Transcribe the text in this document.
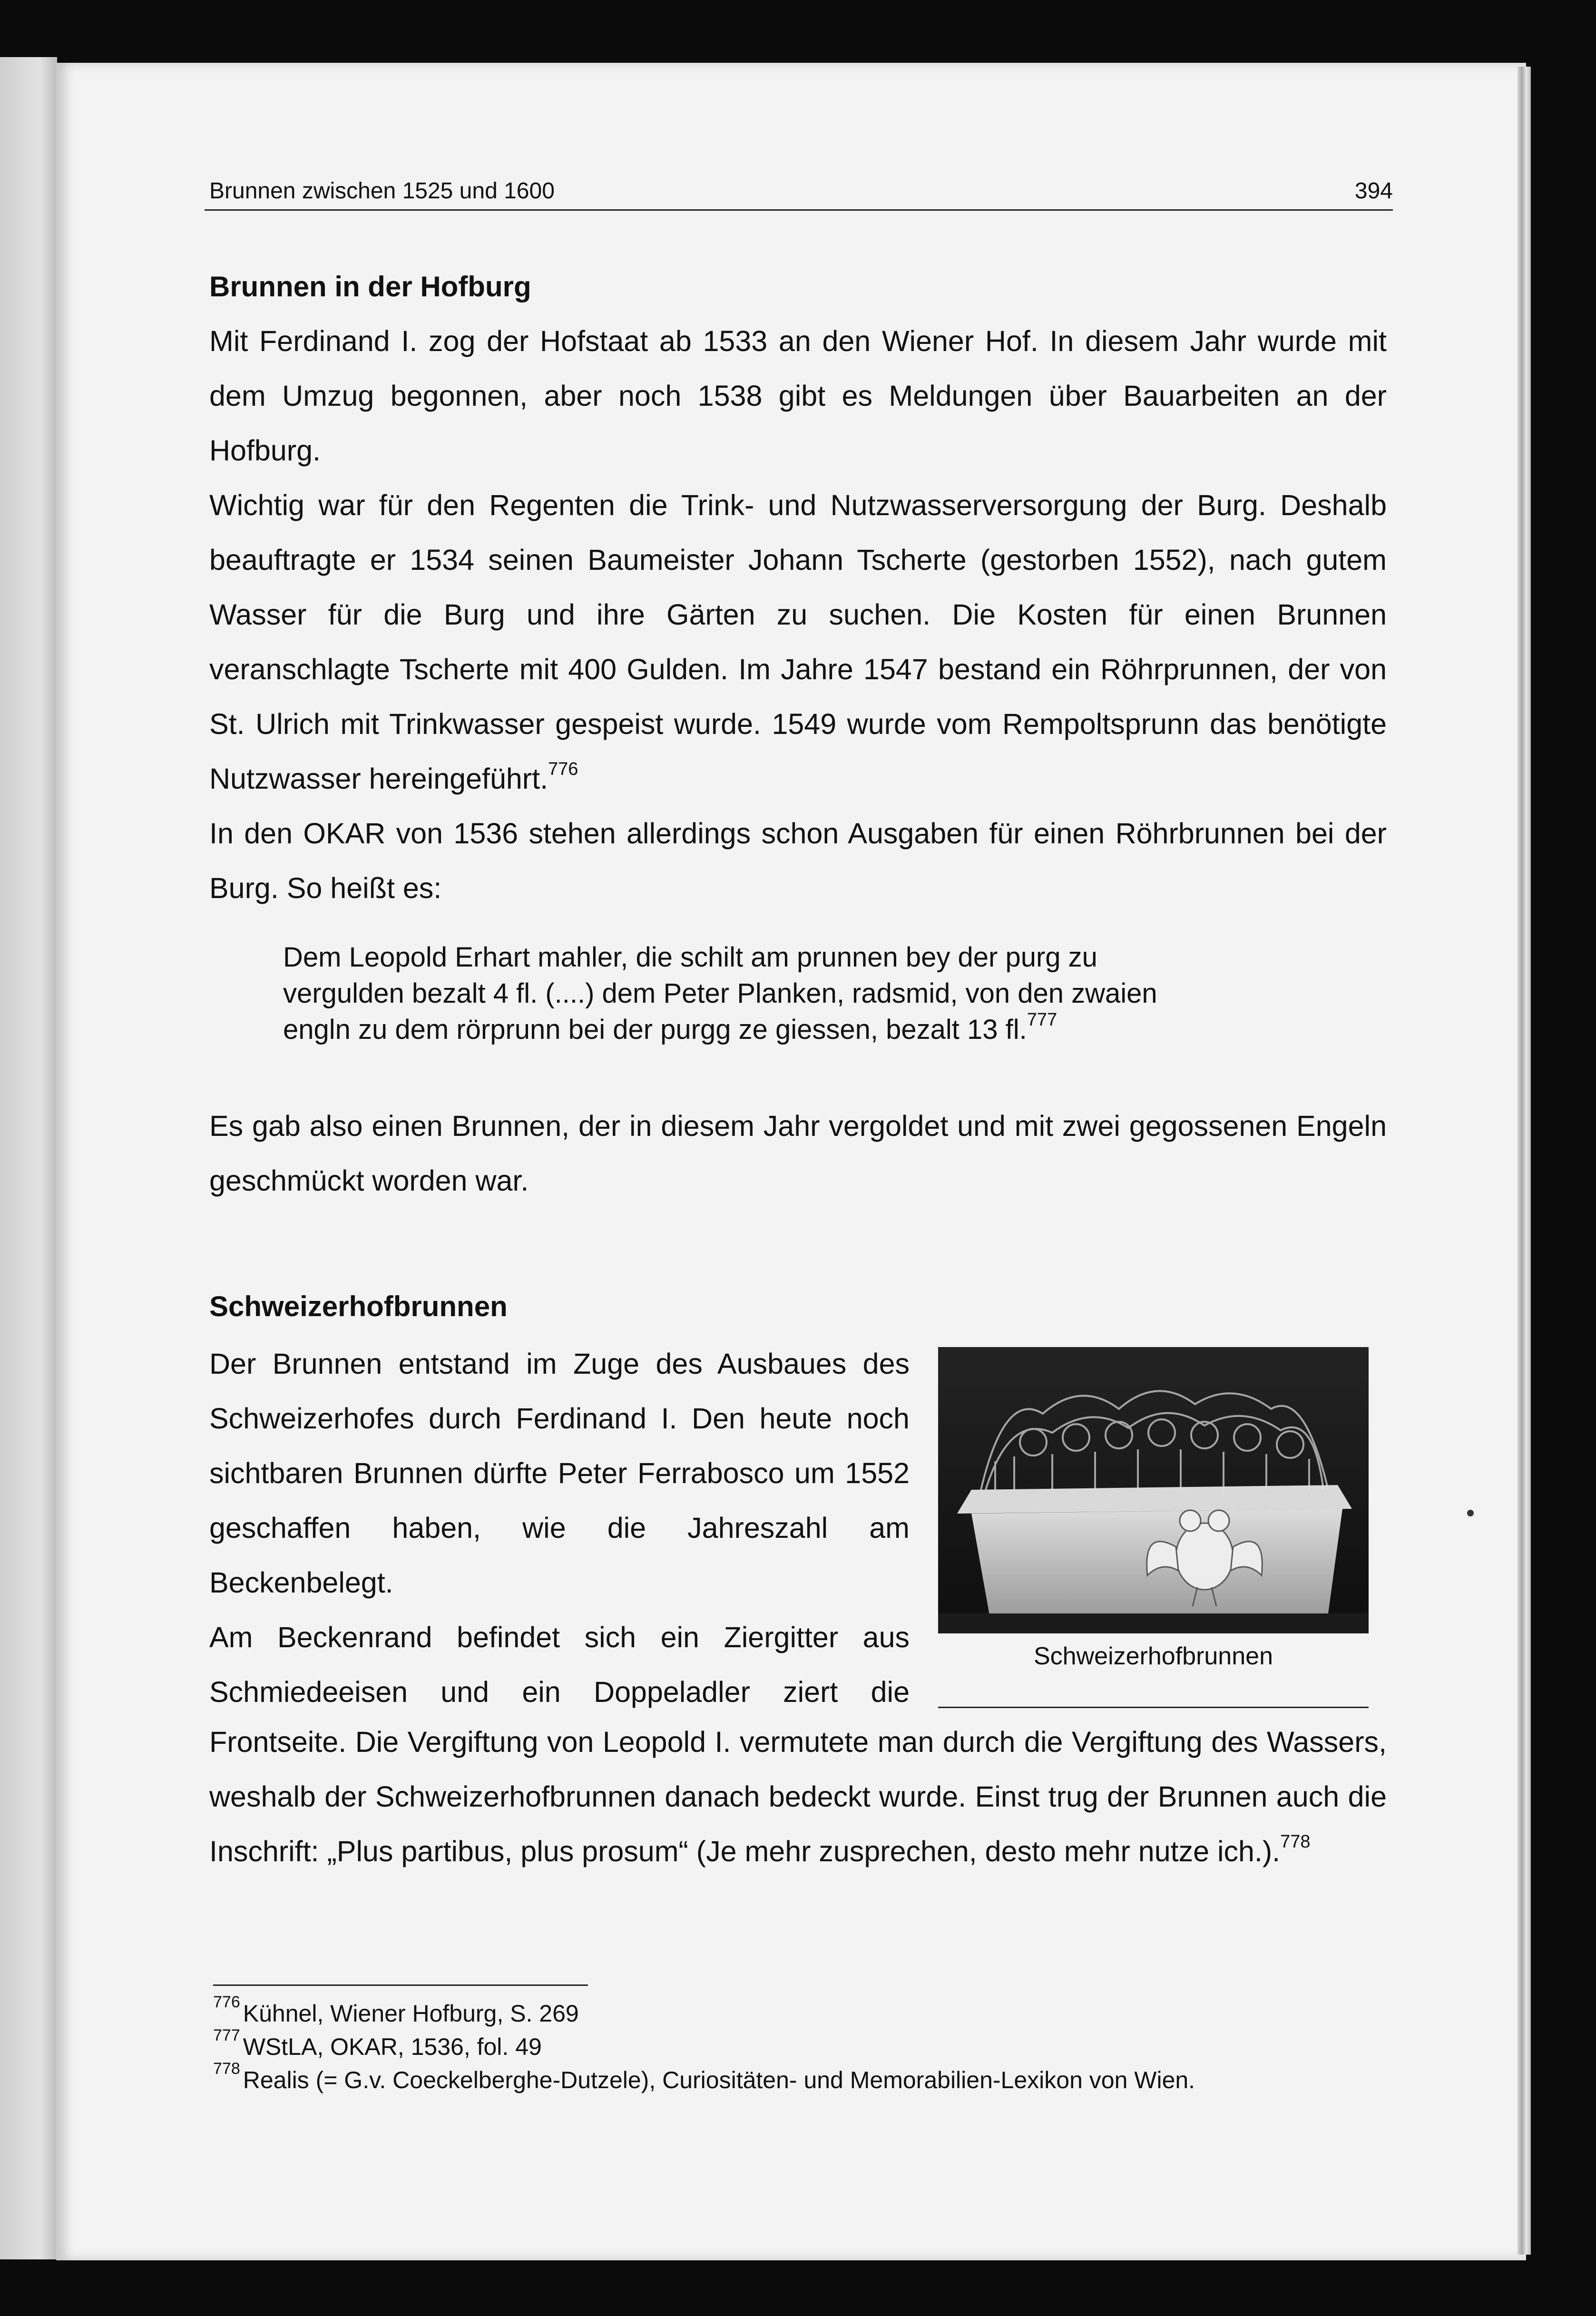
Brunnen zwischen 1525 und 1600	394
Brunnen in der Hofburg

Mit Ferdinand I. zog der Hofstaat ab 1533 an den Wiener Hof. In diesem Jahr wurde mit dem Umzug begonnen, aber noch 1538 gibt es Meldungen über Bauarbeiten an der Hofburg.

Wichtig war für den Regenten die Trink- und Nutzwasserversorgung der Burg. Deshalb beauftragte er 1534 seinen Baumeister Johann Tscherte (gestorben 1552), nach gutem Wasser für die Burg und ihre Gärten zu suchen. Die Kosten für einen Brunnen veranschlagte Tscherte mit 400 Gulden. Im Jahre 1547 bestand ein Röhrprunnen, der von St. Ulrich mit Trinkwasser gespeist wurde. 1549 wurde vom Rempoltsprunn das benötigte Nutzwasser hereingeführt.$^{776}$

In den OKAR von 1536 stehen allerdings schon Ausgaben für einen Röhrbrunnen bei der Burg. So heißt es:

Dem Leopold Erhart mahler, die schilt am prunnen bey der purg zu
vergulden bezalt 4 fl. (....) dem Peter Planken, radsmid, von den zwaien
engln zu dem rörprunn bei der purgg ze giessen, bezalt 13 fl.$^{777}$

Es gab also einen Brunnen, der in diesem Jahr vergoldet und mit zwei gegossenen Engeln geschmückt worden war.

Schweizerhofbrunnen

Der Brunnen entstand im Zuge des Ausbaues des Schweizerhofes durch Ferdinand I. Den heute noch sichtbaren Brunnen dürfte Peter Ferrabosco um 1552 geschaffen haben, wie die Jahreszahl am Beckenbelegt.

Am Beckenrand befindet sich ein Ziergitter aus Schmiedeeisen und ein Doppeladler ziert die

Schweizerhofbrunnen

Frontseite. Die Vergiftung von Leopold I. vermutete man durch die Vergiftung des Wassers, weshalb der Schweizerhofbrunnen danach bedeckt wurde. Einst trug der Brunnen auch die Inschrift: „Plus partibus, plus prosum“ (Je mehr zusprechen, desto mehr nutze ich.).$^{778}$

$^{776}$ Kühnel, Wiener Hofburg, S. 269
$^{777}$ WStLA, OKAR, 1536, fol. 49
$^{778}$ Realis (= G.v. Coeckelberghe-Dutzele), Curiositäten- und Memorabilien-Lexikon von Wien.
